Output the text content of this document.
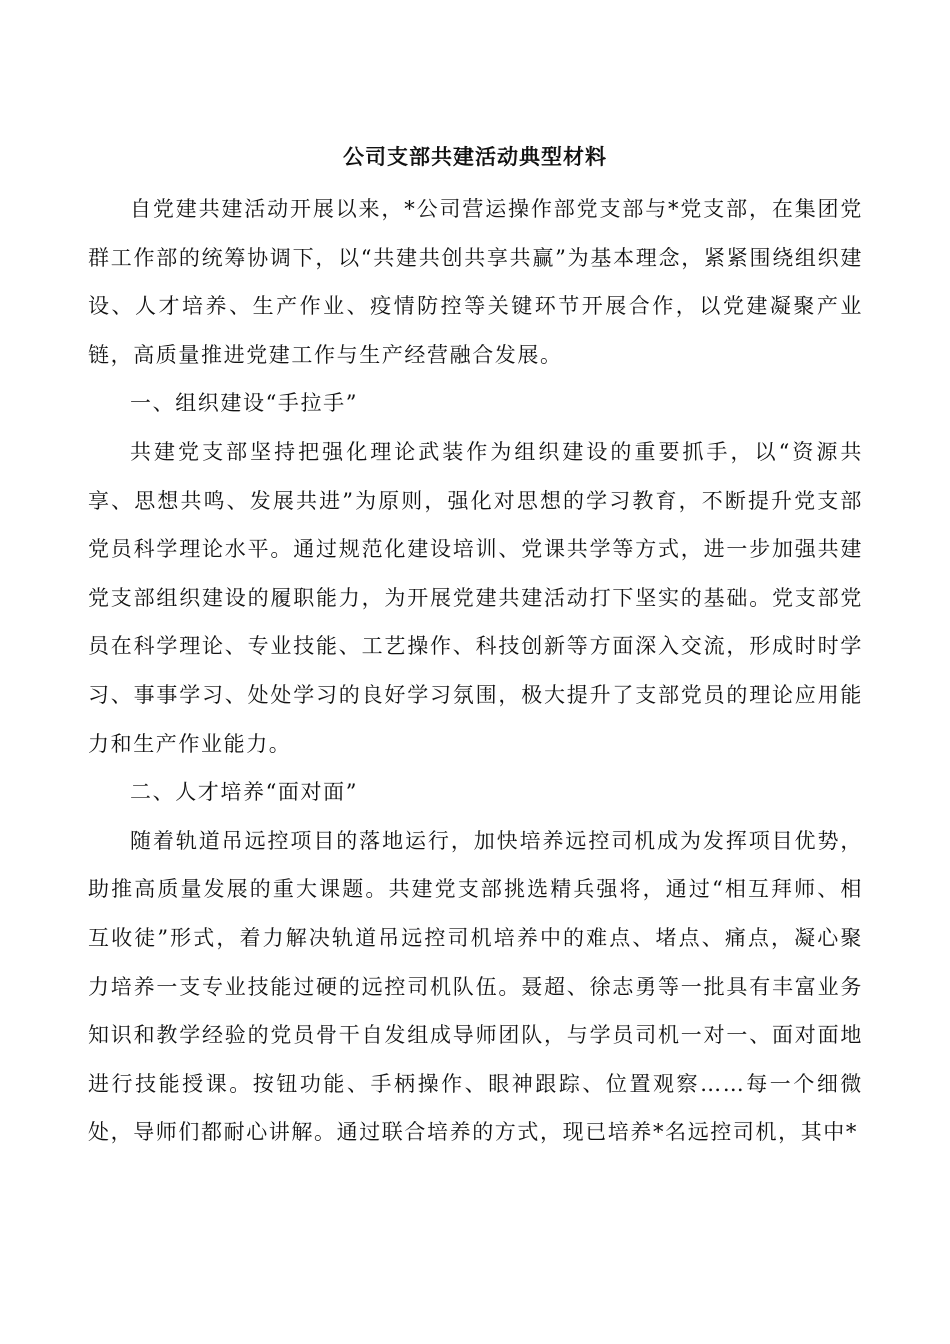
公司支部共建活动典型材料

自党建共建活动开展以来，*公司营运操作部党支部与*党支部，在集团党群工作部的统筹协调下，以“共建共创共享共赢”为基本理念，紧紧围绕组织建设、人才培养、生产作业、疫情防控等关键环节开展合作，以党建凝聚产业链，高质量推进党建工作与生产经营融合发展。

一、组织建设“手拉手”

共建党支部坚持把强化理论武装作为组织建设的重要抓手，以“资源共享、思想共鸣、发展共进”为原则，强化对思想的学习教育，不断提升党支部党员科学理论水平。通过规范化建设培训、党课共学等方式，进一步加强共建党支部组织建设的履职能力，为开展党建共建活动打下坚实的基础。党支部党员在科学理论、专业技能、工艺操作、科技创新等方面深入交流，形成时时学习、事事学习、处处学习的良好学习氛围，极大提升了支部党员的理论应用能力和生产作业能力。

二、人才培养“面对面”

随着轨道吊远控项目的落地运行，加快培养远控司机成为发挥项目优势，助推高质量发展的重大课题。共建党支部挑选精兵强将，通过“相互拜师、相互收徒”形式，着力解决轨道吊远控司机培养中的难点、堵点、痛点，凝心聚力培养一支专业技能过硬的远控司机队伍。聂超、徐志勇等一批具有丰富业务知识和教学经验的党员骨干自发组成导师团队，与学员司机一对一、面对面地进行技能授课。按钮功能、手柄操作、眼神跟踪、位置观察……每一个细微处，导师们都耐心讲解。通过联合培养的方式，现已培养*名远控司机，其中*
